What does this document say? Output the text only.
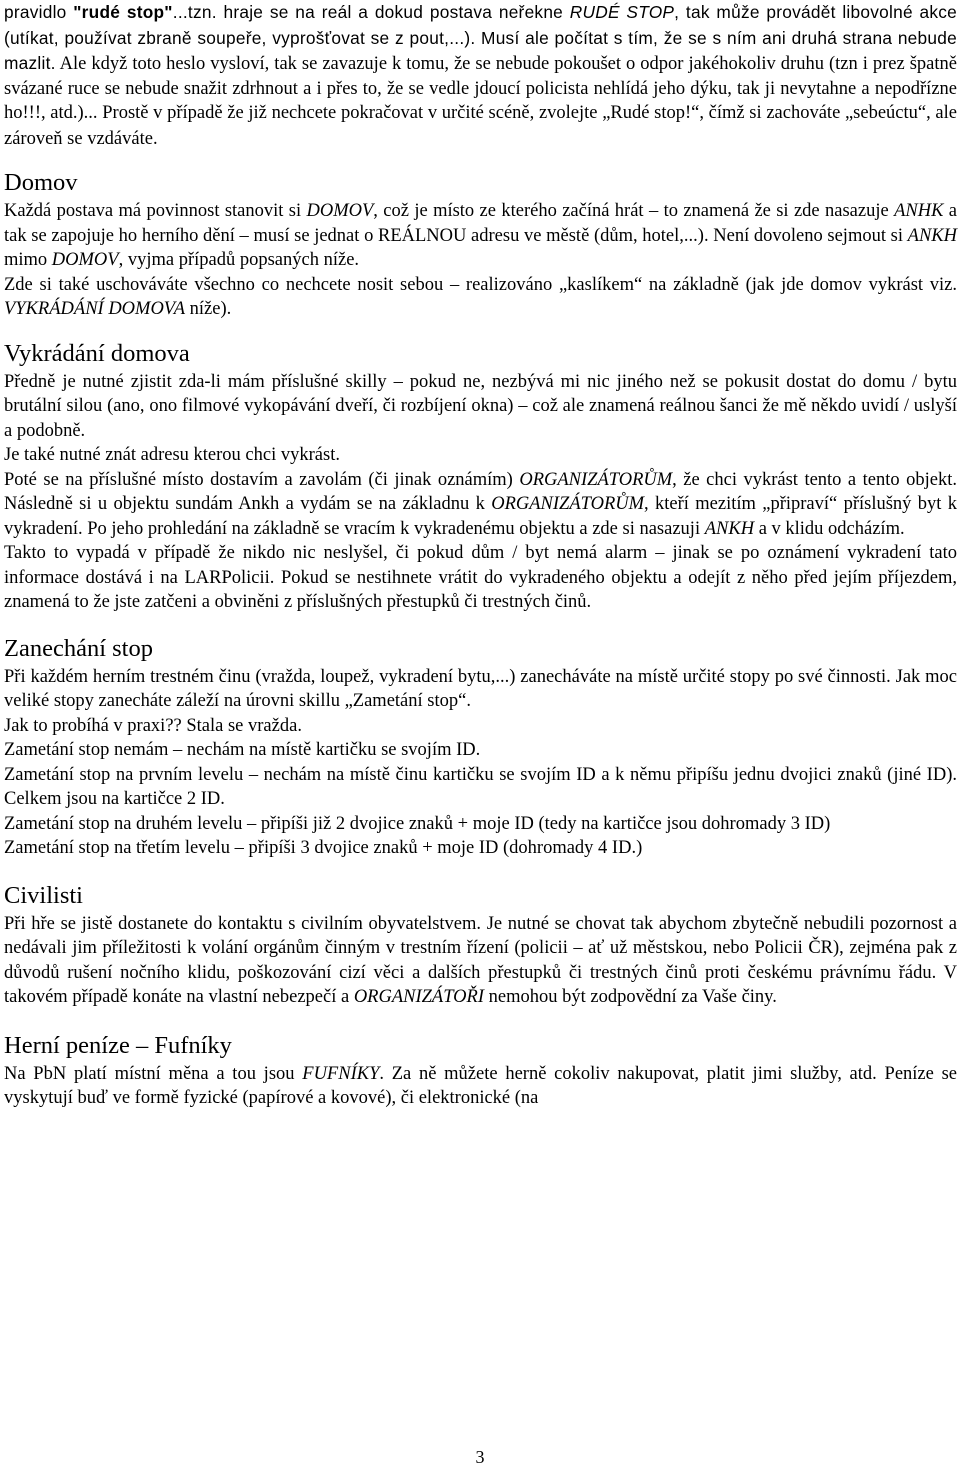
pravidlo "rudé stop"...tzn. hraje se na reál a dokud postava neřekne RUDÉ STOP, tak může provádět libovolné akce (utíkat, používat zbraně soupeře, vyprošťovat se z pout,...). Musí ale počítat s tím, že se s ním ani druhá strana nebude mazlit. Ale když toto heslo vysloví, tak se zavazuje k tomu, že se nebude pokoušet o odpor jakéhokoliv druhu (tzn i prez špatně svázané ruce se nebude snažit zdrhnout a i přes to, že se vedle jdoucí policista nehlídá jeho dýku, tak ji nevytahne a nepodřízne ho!!!, atd.)... Prostě v případě že již nechcete pokračovat v určité scéně, zvolejte „Rudé stop!“, čímž si zachováte „sebeúctu“, ale zároveň se vzdáváte.

Domov

Každá postava má povinnost stanovit si DOMOV, což je místo ze kterého začíná hrát – to znamená že si zde nasazuje ANHK a tak se zapojuje ho herního dění – musí se jednat o REÁLNOU adresu ve městě (dům, hotel,...). Není dovoleno sejmout si ANKH mimo DOMOV, vyjma případů popsaných níže.

Zde si také uschováváte všechno co nechcete nosit sebou – realizováno „kaslíkem“ na základně (jak jde domov vykrást viz. VYKRÁDÁNÍ DOMOVA níže).

Vykrádání domova

Předně je nutné zjistit zda-li mám příslušné skilly – pokud ne, nezbývá mi nic jiného než se pokusit dostat do domu / bytu brutální silou (ano, ono filmové vykopávání dveří, či rozbíjení okna) – což ale znamená reálnou šanci že mě někdo uvidí / uslyší a podobně.

Je také nutné znát adresu kterou chci vykrást.

Poté se na příslušné místo dostavím a zavolám (či jinak oznámím) ORGANIZÁTORŮM, že chci vykrást tento a tento objekt. Následně si u objektu sundám Ankh a vydám se na základnu k ORGANIZÁTORŮM, kteří mezitím „připraví“ příslušný byt k vykradení. Po jeho prohledání na základně se vracím k vykradenému objektu a zde si nasazuji ANKH a v klidu odcházím.

Takto to vypadá v případě že nikdo nic neslyšel, či pokud dům / byt nemá alarm – jinak se po oznámení vykradení tato informace dostává i na LARPolicii. Pokud se nestihnete vrátit do vykradeného objektu a odejít z něho před jejím příjezdem, znamená to že jste zatčeni a obviněni z příslušných přestupků či trestných činů.

Zanechání stop

Při každém herním trestném činu (vražda, loupež, vykradení bytu,...) zanecháváte na místě určité stopy po své činnosti. Jak moc veliké stopy zanecháte záleží na úrovni skillu „Zametání stop“.

Jak to probíhá v praxi?? Stala se vražda.

Zametání stop nemám – nechám na místě kartičku se svojím ID.

Zametání stop na prvním levelu – nechám na místě činu kartičku se svojím ID a k němu připíšu jednu dvojici znaků (jiné ID). Celkem jsou na kartičce 2 ID.

Zametání stop na druhém levelu – připíši již 2 dvojice znaků + moje ID (tedy na kartičce jsou dohromady 3 ID)

Zametání stop na třetím levelu – připíši 3 dvojice znaků + moje ID (dohromady 4 ID.)

Civilisti

Při hře se jistě dostanete do kontaktu s civilním obyvatelstvem. Je nutné se chovat tak abychom zbytečně nebudili pozornost a nedávali jim příležitosti k volání orgánům činným v trestním řízení (policii – ať už městskou, nebo Policii ČR), zejména pak z důvodů rušení nočního klidu, poškozování cizí věci a dalších přestupků či trestných činů proti českému právnímu řádu. V takovém případě konáte na vlastní nebezpečí a ORGANIZÁTOŘI nemohou být zodpovědní za Vaše činy.

Herní peníze – Fufníky

Na PbN platí místní měna a tou jsou FUFNÍKY. Za ně můžete herně cokoliv nakupovat, platit jimi služby, atd. Peníze se vyskytují buď ve formě fyzické (papírové a kovové), či elektronické (na

3
